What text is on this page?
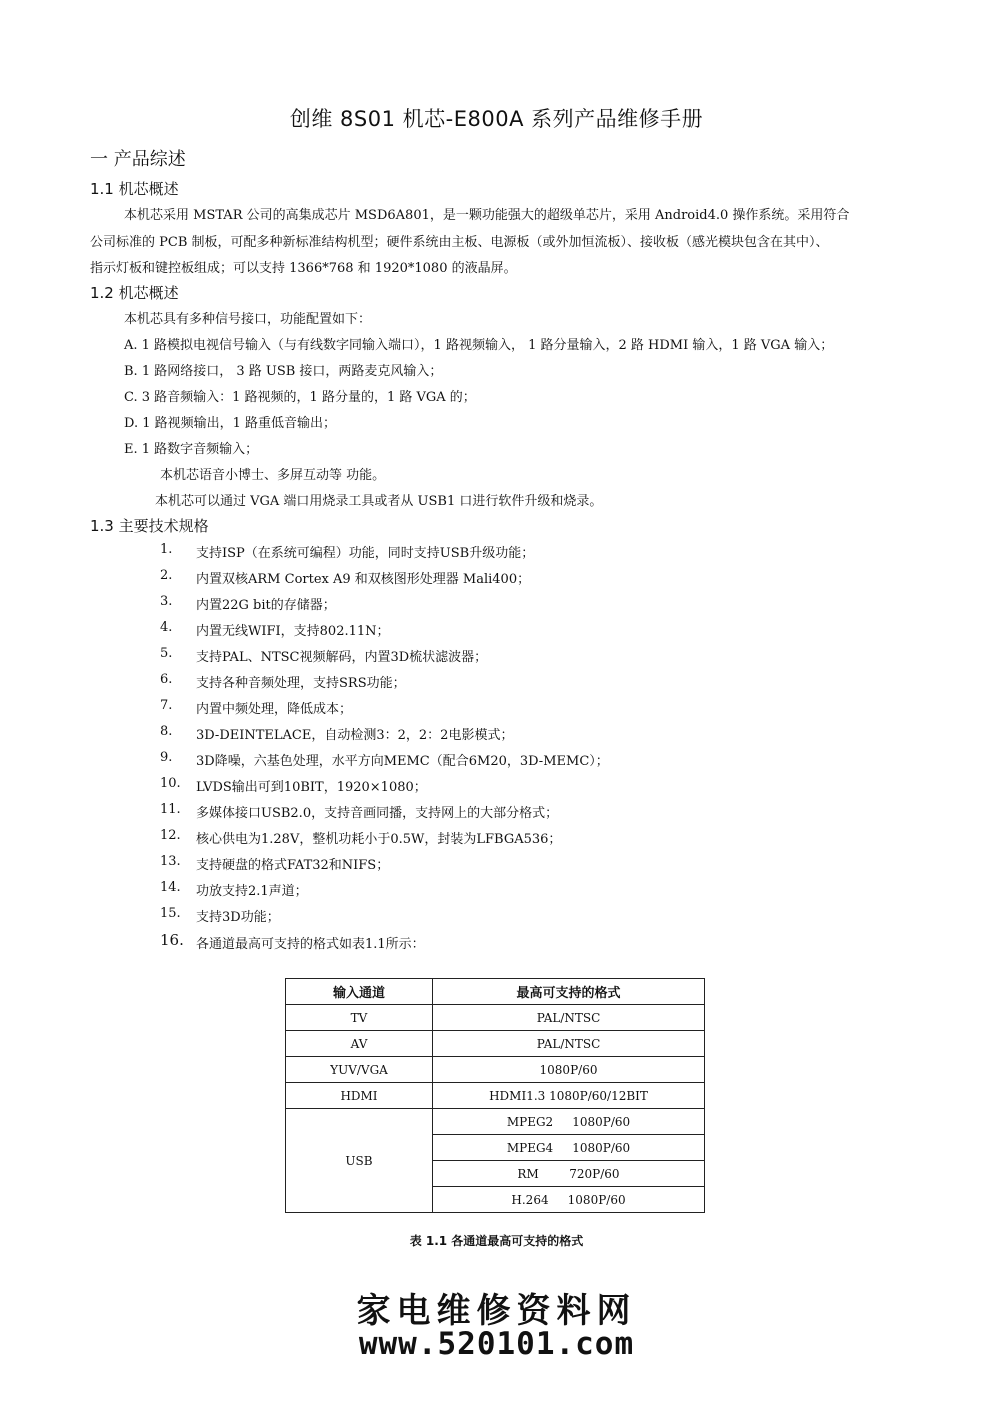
创维 8S01 机芯-E800A 系列产品维修手册
一 产品综述
1.1 机芯概述
本机芯采用 MSTAR 公司的高集成芯片 MSD6A801，是一颗功能强大的超级单芯片，采用 Android4.0 操作系统。采用符合
公司标准的 PCB 制板，可配多种新标准结构机型；硬件系统由主板、电源板（或外加恒流板）、接收板（感光模块包含在其中）、
指示灯板和键控板组成；可以支持 1366*768 和 1920*1080 的液晶屏。
1.2 机芯概述
本机芯具有多种信号接口，功能配置如下：
A. 1 路模拟电视信号输入（与有线数字同输入端口），1 路视频输入， 1 路分量输入，2 路 HDMI 输入，1 路 VGA 输入；
B. 1 路网络接口， 3 路 USB 接口，两路麦克风输入；
C. 3 路音频输入：1 路视频的，1 路分量的，1 路 VGA 的；
D. 1 路视频输出，1 路重低音输出；
E. 1 路数字音频输入；
本机芯语音小博士、多屏互动等 功能。
本机芯可以通过 VGA 端口用烧录工具或者从 USB1 口进行软件升级和烧录。
1.3 主要技术规格
1. 支持ISP（在系统可编程）功能，同时支持USB升级功能；
2. 内置双核ARM Cortex A9 和双核图形处理器 Mali400；
3. 内置22G bit的存储器；
4. 内置无线WIFI，支持802.11N；
5. 支持PAL、NTSC视频解码，内置3D梳状滤波器；
6. 支持各种音频处理，支持SRS功能；
7. 内置中频处理，降低成本；
8. 3D-DEINTELACE，自动检测3：2，2：2电影模式；
9. 3D降噪，六基色处理，水平方向MEMC（配合6M20，3D-MEMC）；
10. LVDS输出可到10BIT，1920×1080；
11. 多媒体接口USB2.0，支持音画同播，支持网上的大部分格式；
12. 核心供电为1.28V，整机功耗小于0.5W，封装为LFBGA536；
13. 支持硬盘的格式FAT32和NIFS；
14. 功放支持2.1声道；
15. 支持3D功能；
16. 各通道最高可支持的格式如表1.1所示：
输入通道	最高可支持的格式
TV	PAL/NTSC
AV	PAL/NTSC
YUV/VGA	1080P/60
HDMI	HDMI1.3 1080P/60/12BIT
USB	MPEG2     1080P/60
	MPEG4     1080P/60
	RM        720P/60
	H.264     1080P/60
表 1.1 各通道最高可支持的格式
家电维修资料网
www.520101.com
